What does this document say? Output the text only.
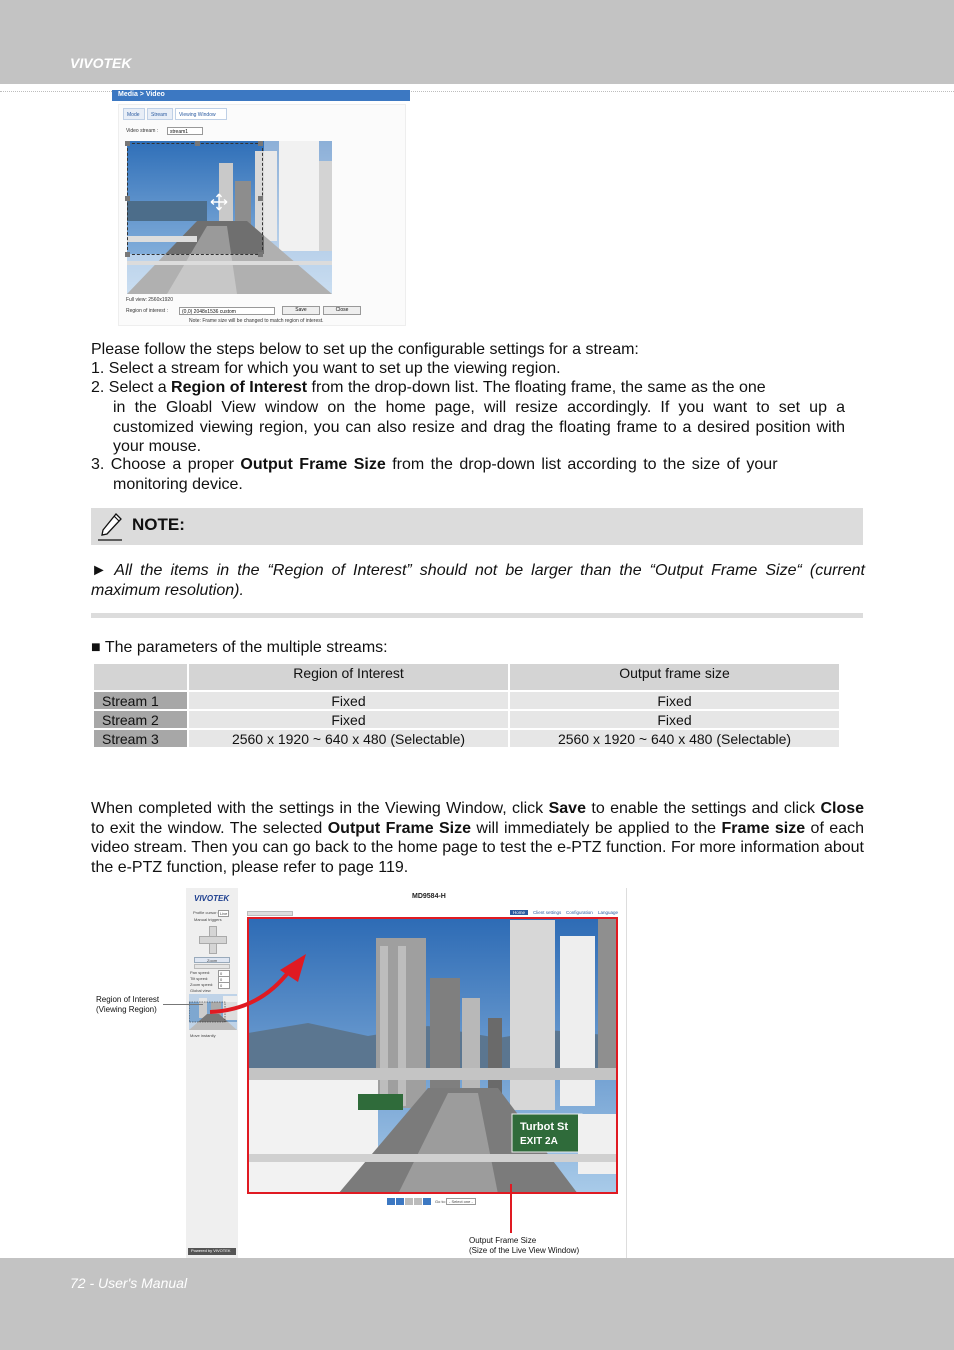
VIVOTEK
Media > Video
Mode	Stream	Viewing Window
Video stream :	stream1
Full view: 2560x1920
Region of interest :	(0,0) 2048x1536 custom	Save	Close
Note: Frame size will be changed to match region of interest.
Please follow the steps below to set up the configurable settings for a stream:
1. Select a stream for which you want to set up the viewing region.
2. Select a Region of Interest from the drop-down list. The floating frame, the same as the one
in the Gloabl View window on the home page, will resize accordingly. If you want to set up a customized viewing region, you can also resize and drag the floating frame to a desired position with your mouse.
3. Choose a proper Output Frame Size from the drop-down list according to the size of your
monitoring device.
NOTE:
► All the items in the “Region of Interest” should not be larger than the “Output Frame Size“ (current maximum resolution).
■ The parameters of the multiple streams:
	Region of Interest	Output frame size
Stream 1	Fixed	Fixed
Stream 2	Fixed	Fixed
Stream 3	2560 x 1920 ~ 640 x 480 (Selectable)	2560 x 1920 ~ 640 x 480 (Selectable)
When completed with the settings in the Viewing Window, click Save to enable the settings and click Close to exit the window. The selected Output Frame Size will immediately be applied to the Frame size of each video stream. Then you can go back to the home page to test the e-PTZ function. For more information about the e-PTZ function, please refer to page 119.
VIVOTEK
Profile cursor: Live
Manual triggers
Zoom
Pan speed:	0
Tilt speed:	0
Zoom speed:	0
Global view
Move instantly
Powered by VIVOTEK
MD9584-H
Home	Client settings Configuration Language
Go to: - Select one -
Turbot St
EXIT 2A
Region of Interest
(Viewing Region)
Output Frame Size
(Size of the Live View Window)
72 - User's Manual
